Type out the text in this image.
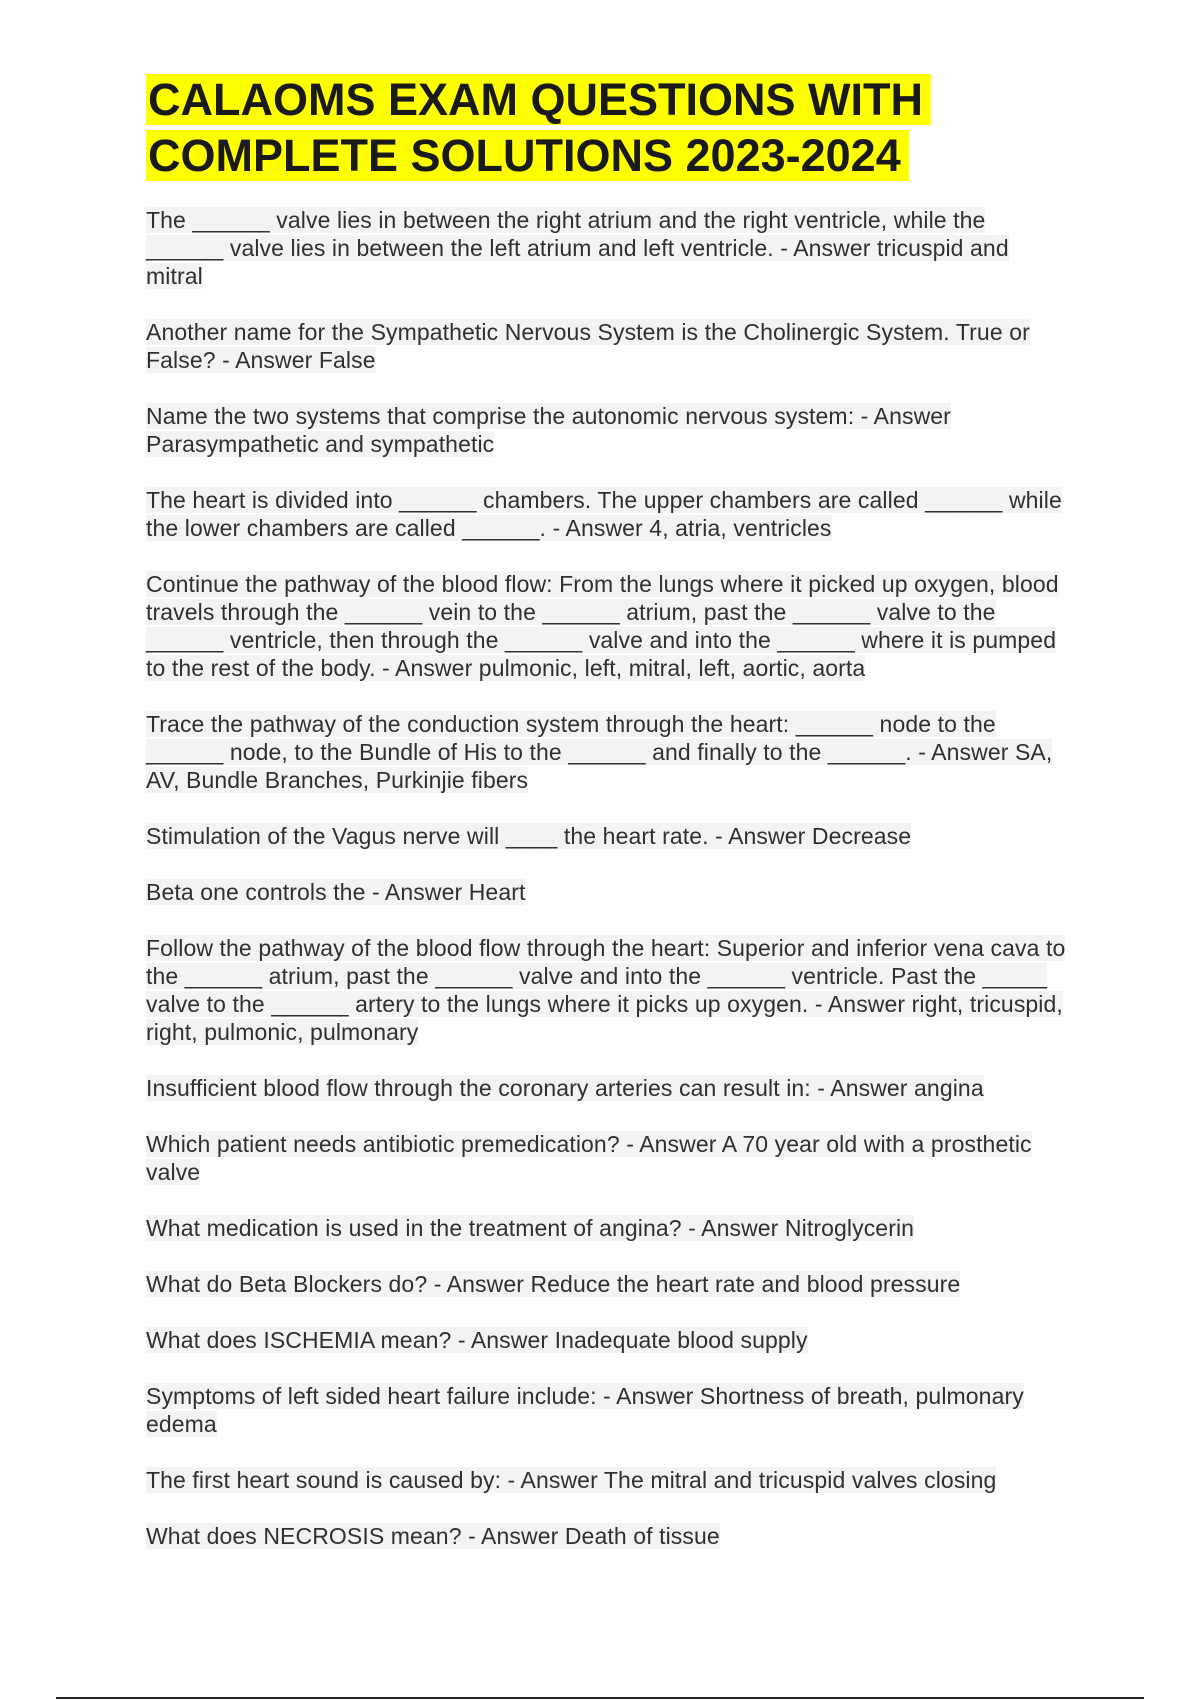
CALAOMS EXAM QUESTIONS WITH COMPLETE SOLUTIONS 2023-2024
The ______ valve lies in between the right atrium and the right ventricle, while the ______ valve lies in between the left atrium and left ventricle. - Answer tricuspid and mitral
Another name for the Sympathetic Nervous System is the Cholinergic System. True or False? - Answer False
Name the two systems that comprise the autonomic nervous system: - Answer Parasympathetic and sympathetic
The heart is divided into ______ chambers. The upper chambers are called ______ while the lower chambers are called ______. - Answer 4, atria, ventricles
Continue the pathway of the blood flow: From the lungs where it picked up oxygen, blood travels through the ______ vein to the ______ atrium, past the ______ valve to the ______ ventricle, then through the ______ valve and into the ______ where it is pumped to the rest of the body. - Answer pulmonic, left, mitral, left, aortic, aorta
Trace the pathway of the conduction system through the heart: ______ node to the ______ node, to the Bundle of His to the ______ and finally to the ______. - Answer SA, AV, Bundle Branches, Purkinjie fibers
Stimulation of the Vagus nerve will ____ the heart rate. - Answer Decrease
Beta one controls the - Answer Heart
Follow the pathway of the blood flow through the heart: Superior and inferior vena cava to the ______ atrium, past the ______ valve and into the ______ ventricle. Past the _____ valve to the ______ artery to the lungs where it picks up oxygen. - Answer right, tricuspid, right, pulmonic, pulmonary
Insufficient blood flow through the coronary arteries can result in: - Answer angina
Which patient needs antibiotic premedication? - Answer A 70 year old with a prosthetic valve
What medication is used in the treatment of angina? - Answer Nitroglycerin
What do Beta Blockers do? - Answer Reduce the heart rate and blood pressure
What does ISCHEMIA mean? - Answer Inadequate blood supply
Symptoms of left sided heart failure include: - Answer Shortness of breath, pulmonary edema
The first heart sound is caused by: - Answer The mitral and tricuspid valves closing
What does NECROSIS mean? - Answer Death of tissue
